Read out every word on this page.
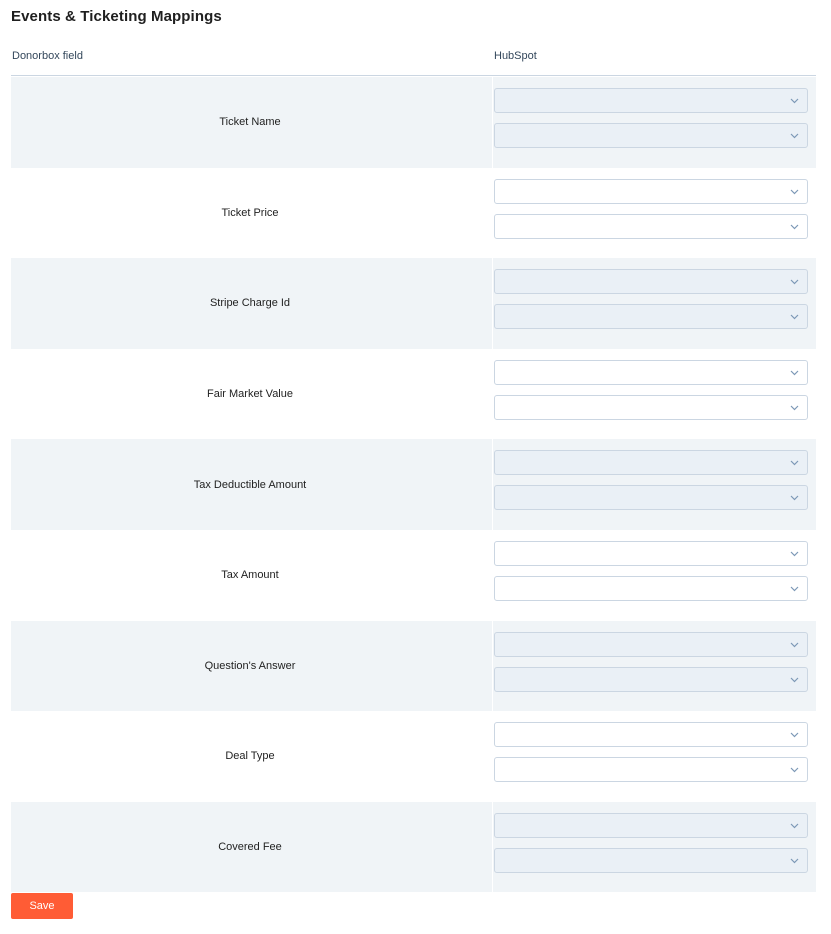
Events & Ticketing Mappings
Donorbox field	HubSpot
Ticket Name
Ticket Price
Stripe Charge Id
Fair Market Value
Tax Deductible Amount
Tax Amount
Question's Answer
Deal Type
Covered Fee
Save
